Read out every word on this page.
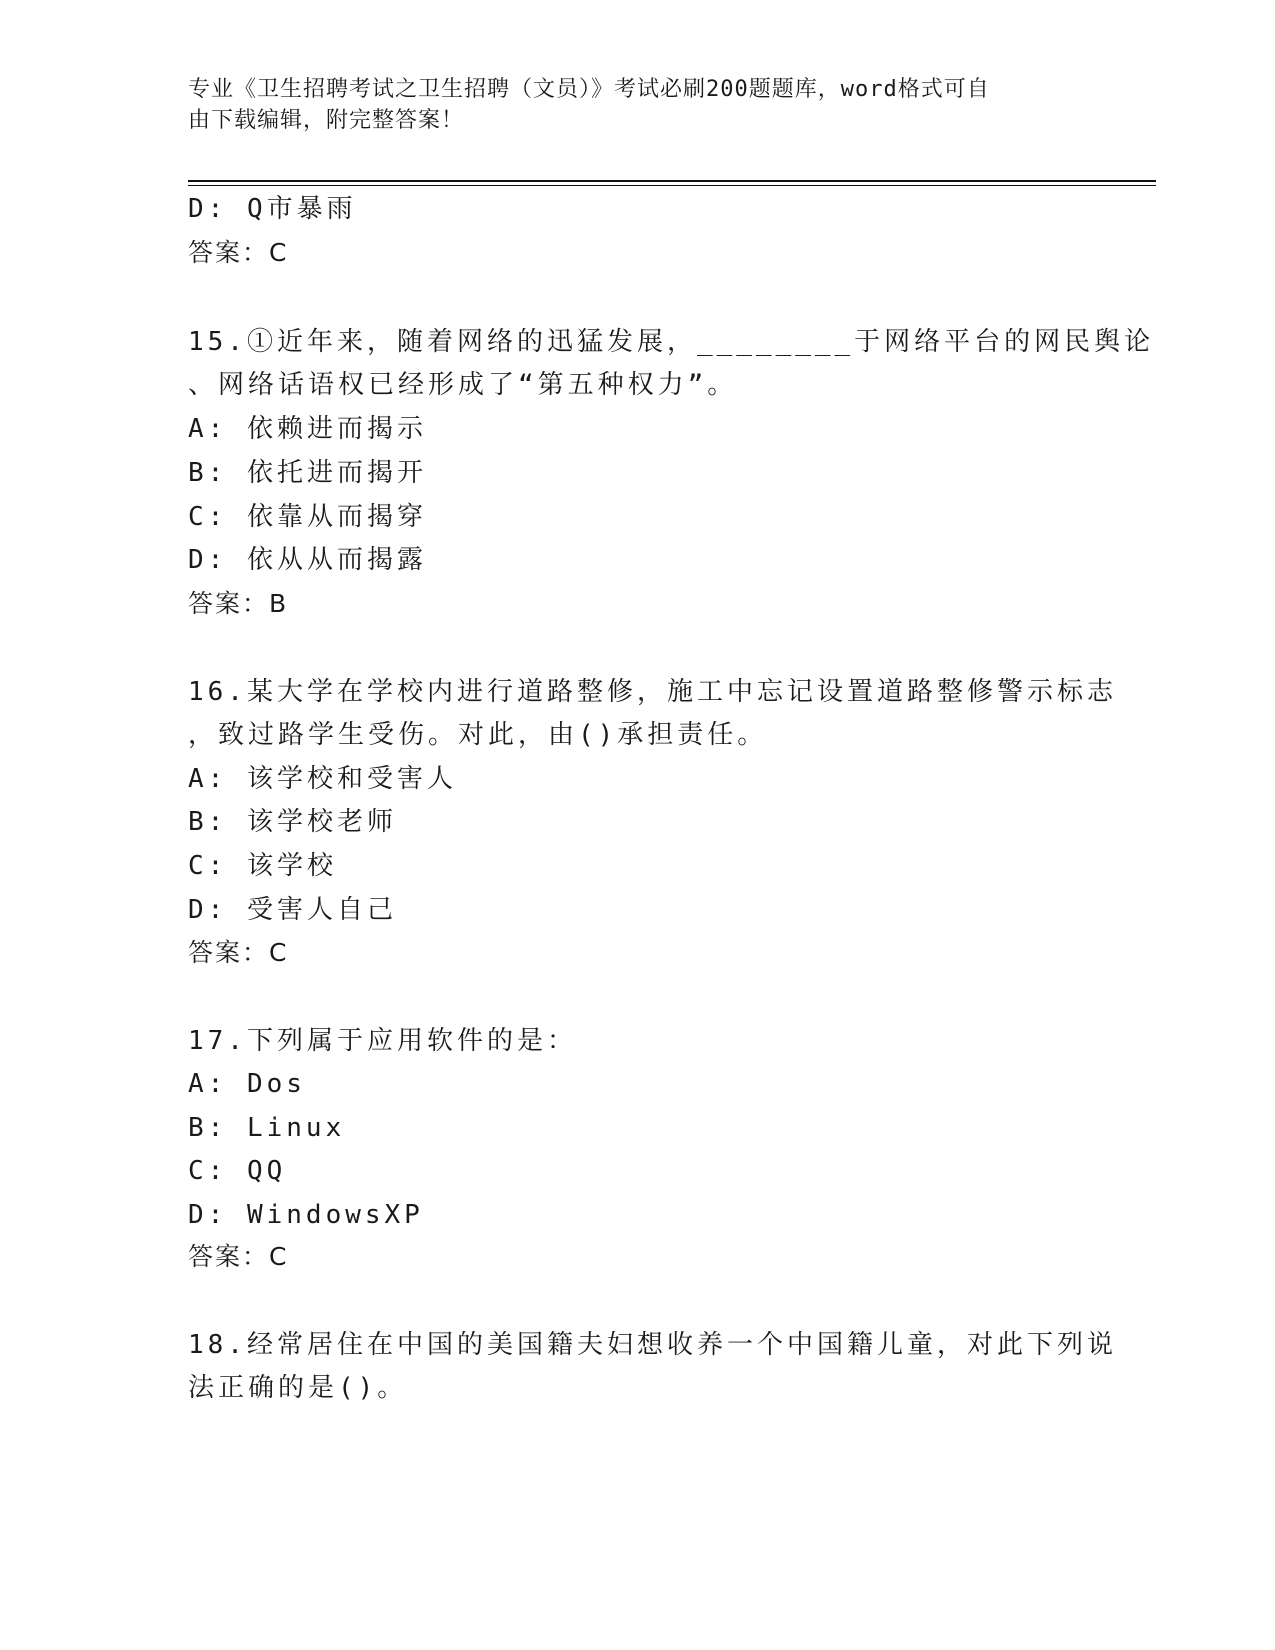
专业《卫生招聘考试之卫生招聘（文员）》考试必刷200题题库，word格式可自
由下载编辑，附完整答案！
D: Q市暴雨
答案：C
15.①近年来，随着网络的迅猛发展，________于网络平台的网民舆论
、网络话语权已经形成了“第五种权力”。
A: 依赖进而揭示
B: 依托进而揭开
C: 依靠从而揭穿
D: 依从从而揭露
答案：B
16.某大学在学校内进行道路整修，施工中忘记设置道路整修警示标志
，致过路学生受伤。对此，由()承担责任。
A: 该学校和受害人
B: 该学校老师
C: 该学校
D: 受害人自己
答案：C
17.下列属于应用软件的是：
A: Dos
B: Linux
C: QQ
D: WindowsXP
答案：C
18.经常居住在中国的美国籍夫妇想收养一个中国籍儿童，对此下列说
法正确的是()。
